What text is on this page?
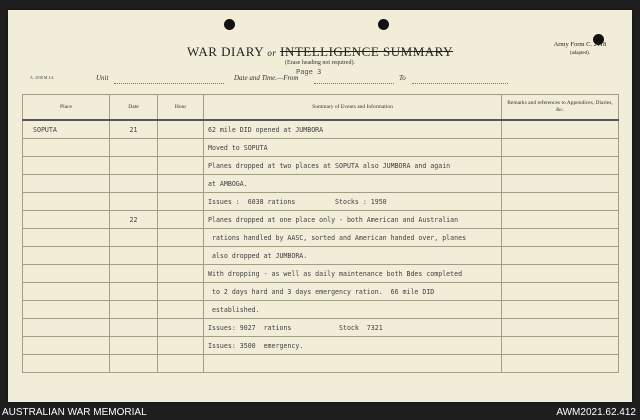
WAR DIARY or INTELLIGENCE SUMMARY
(Erase heading not required).
Page 3
Army Form C. 2118
(adapted).
A. 2538 M.I.A.	Unit	Date and Time.—From	To
Place	Date	Hour	Summary of Events and Information	Remarks and references to Appendices, Diaries, &c.
SOPUTA	21		62 mile DID opened at JUMBORA	
			Moved to SOPUTA	
			Planes dropped at two places at SOPUTA also JUMBORA and again	
			at AMBOGA.	
			Issues :  6038 rations          Stocks : 1950	
	22		Planes dropped at one place only - both American and Australian	
			rations handled by AASC, sorted and American handed over, planes	
			also dropped at JUMBORA.	
			With dropping - as well as daily maintenance both Bdes completed	
			to 2 days hard and 3 days emergency ration.  66 mile DID	
			established.	
			Issues: 9027  rations            Stock  7321	
			Issues: 3500  emergency.	

AUSTRALIAN WAR MEMORIAL	AWM2021.62.412
